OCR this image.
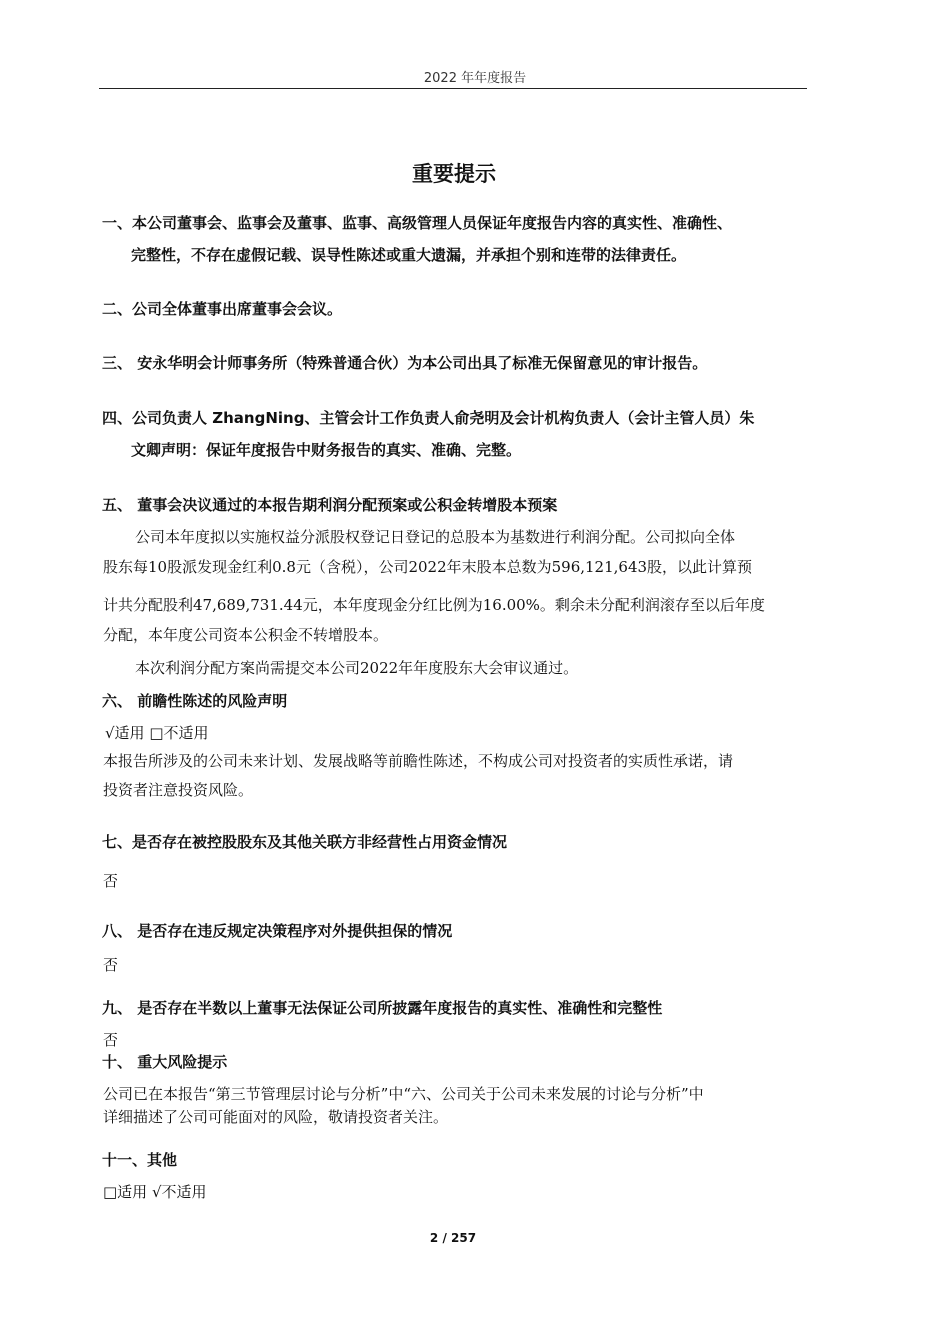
2022 年年度报告
重要提示
一、本公司董事会、监事会及董事、监事、高级管理人员保证年度报告内容的真实性、准确性、
完整性，不存在虚假记载、误导性陈述或重大遗漏，并承担个别和连带的法律责任。
二、公司全体董事出席董事会会议。
三、 安永华明会计师事务所（特殊普通合伙）为本公司出具了标准无保留意见的审计报告。
四、公司负责人 ZhangNing、主管会计工作负责人俞尧明及会计机构负责人（会计主管人员）朱
文卿声明：保证年度报告中财务报告的真实、准确、完整。
五、 董事会决议通过的本报告期利润分配预案或公积金转增股本预案
公司本年度拟以实施权益分派股权登记日登记的总股本为基数进行利润分配。公司拟向全体
股东每10股派发现金红利0.8元（含税），公司2022年末股本总数为596,121,643股，以此计算预
计共分配股利47,689,731.44元，本年度现金分红比例为16.00%。剩余未分配利润滚存至以后年度
分配，本年度公司资本公积金不转增股本。
本次利润分配方案尚需提交本公司2022年年度股东大会审议通过。
六、 前瞻性陈述的风险声明
√适用 □不适用
本报告所涉及的公司未来计划、发展战略等前瞻性陈述，不构成公司对投资者的实质性承诺，请
投资者注意投资风险。
七、是否存在被控股股东及其他关联方非经营性占用资金情况
否
八、 是否存在违反规定决策程序对外提供担保的情况
否
九、 是否存在半数以上董事无法保证公司所披露年度报告的真实性、准确性和完整性
否
十、 重大风险提示
公司已在本报告“第三节管理层讨论与分析”中“六、公司关于公司未来发展的讨论与分析”中
详细描述了公司可能面对的风险，敬请投资者关注。
十一、其他
□适用 √不适用
2 / 257
